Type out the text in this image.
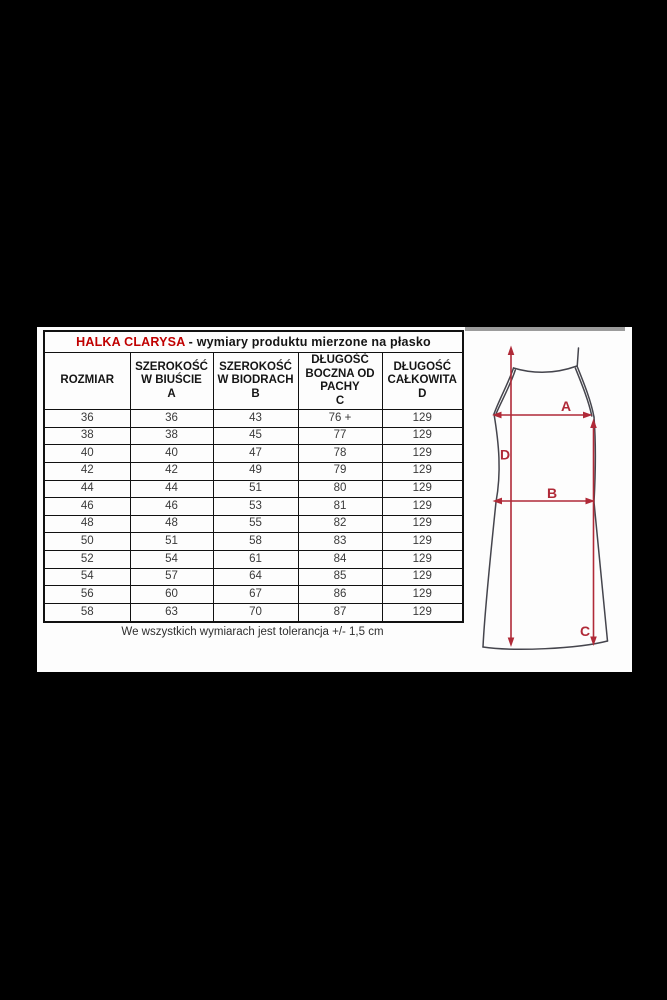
HALKA CLARYSA - wymiary produktu mierzone na płasko				
ROZMIAR	SZEROKOŚĆ
W BIUŚCIE
A	SZEROKOŚĆ
W BIODRACH
B	DŁUGOŚĆ
BOCZNA OD
PACHY
C	DŁUGOŚĆ
CAŁKOWITA
D
36	36	43	76 +	129
38	38	45	77	129
40	40	47	78	129
42	42	49	79	129
44	44	51	80	129
46	46	53	81	129
48	48	55	82	129
50	51	58	83	129
52	54	61	84	129
54	57	64	85	129
56	60	67	86	129
58	63	70	87	129
We wszystkich wymiarach jest tolerancja +/- 1,5 cm
A
B
C
D
